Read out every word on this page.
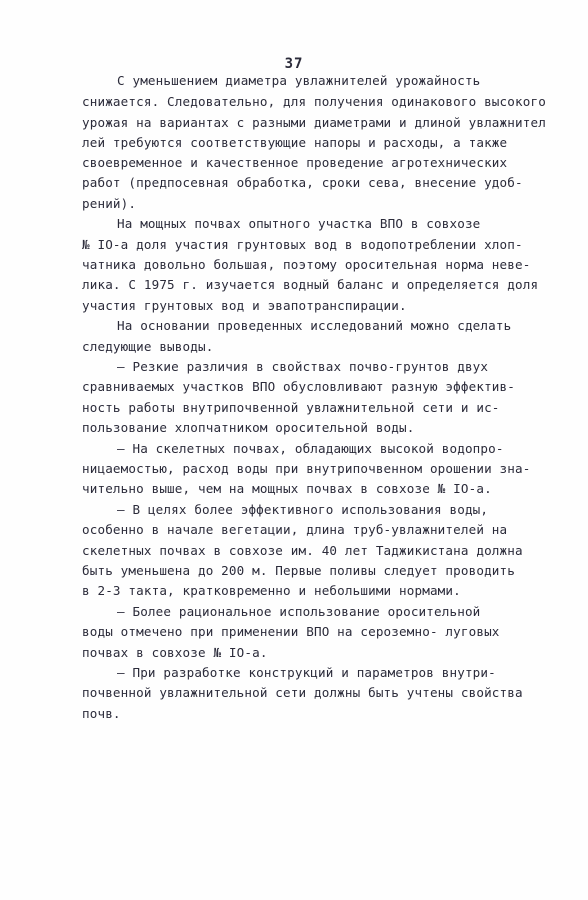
37
С уменьшением диаметра увлажнителей урожайность
снижается. Следовательно, для получения одинакового высокого
урожая на вариантах с разными диаметрами и длиной увлажнител
лей требуются соответствующие напоры и расходы, а также
своевременное и качественное проведение агротехнических
работ (предпосевная обработка, сроки сева, внесение удоб-
рений).
На мощных почвах опытного участка ВПО в совхозе
№ IO-а доля участия грунтовых вод в водопотреблении хлоп-
чатника довольно большая, поэтому оросительная норма неве-
лика. С 1975 г. изучается водный баланс и определяется доля
участия грунтовых вод и эвапотранспирации.
На основании проведенных исследований можно сделать
следующие выводы.
– Резкие различия в свойствах почво-грунтов двух
сравниваемых участков ВПО обусловливают разную эффектив-
ность работы внутрипочвенной увлажнительной сети и ис-
пользование хлопчатником оросительной воды.
– На скелетных почвах, обладающих высокой водопро-
ницаемостью, расход воды при внутрипочвенном орошении зна-
чительно выше, чем на мощных почвах в совхозе № IO-а.
– В целях более эффективного использования воды,
особенно в начале вегетации, длина труб-увлажнителей на
скелетных почвах в совхозе им. 40 лет Таджикистана должна
быть уменьшена до 200 м. Первые поливы следует проводить
в 2-3 такта, кратковременно и небольшими нормами.
– Более рациональное использование оросительной
воды отмечено при применении ВПО на сероземно- луговых
почвах в совхозе № IO-а.
– При разработке конструкций и параметров внутри-
почвенной увлажнительной сети должны быть учтены свойства
почв.
